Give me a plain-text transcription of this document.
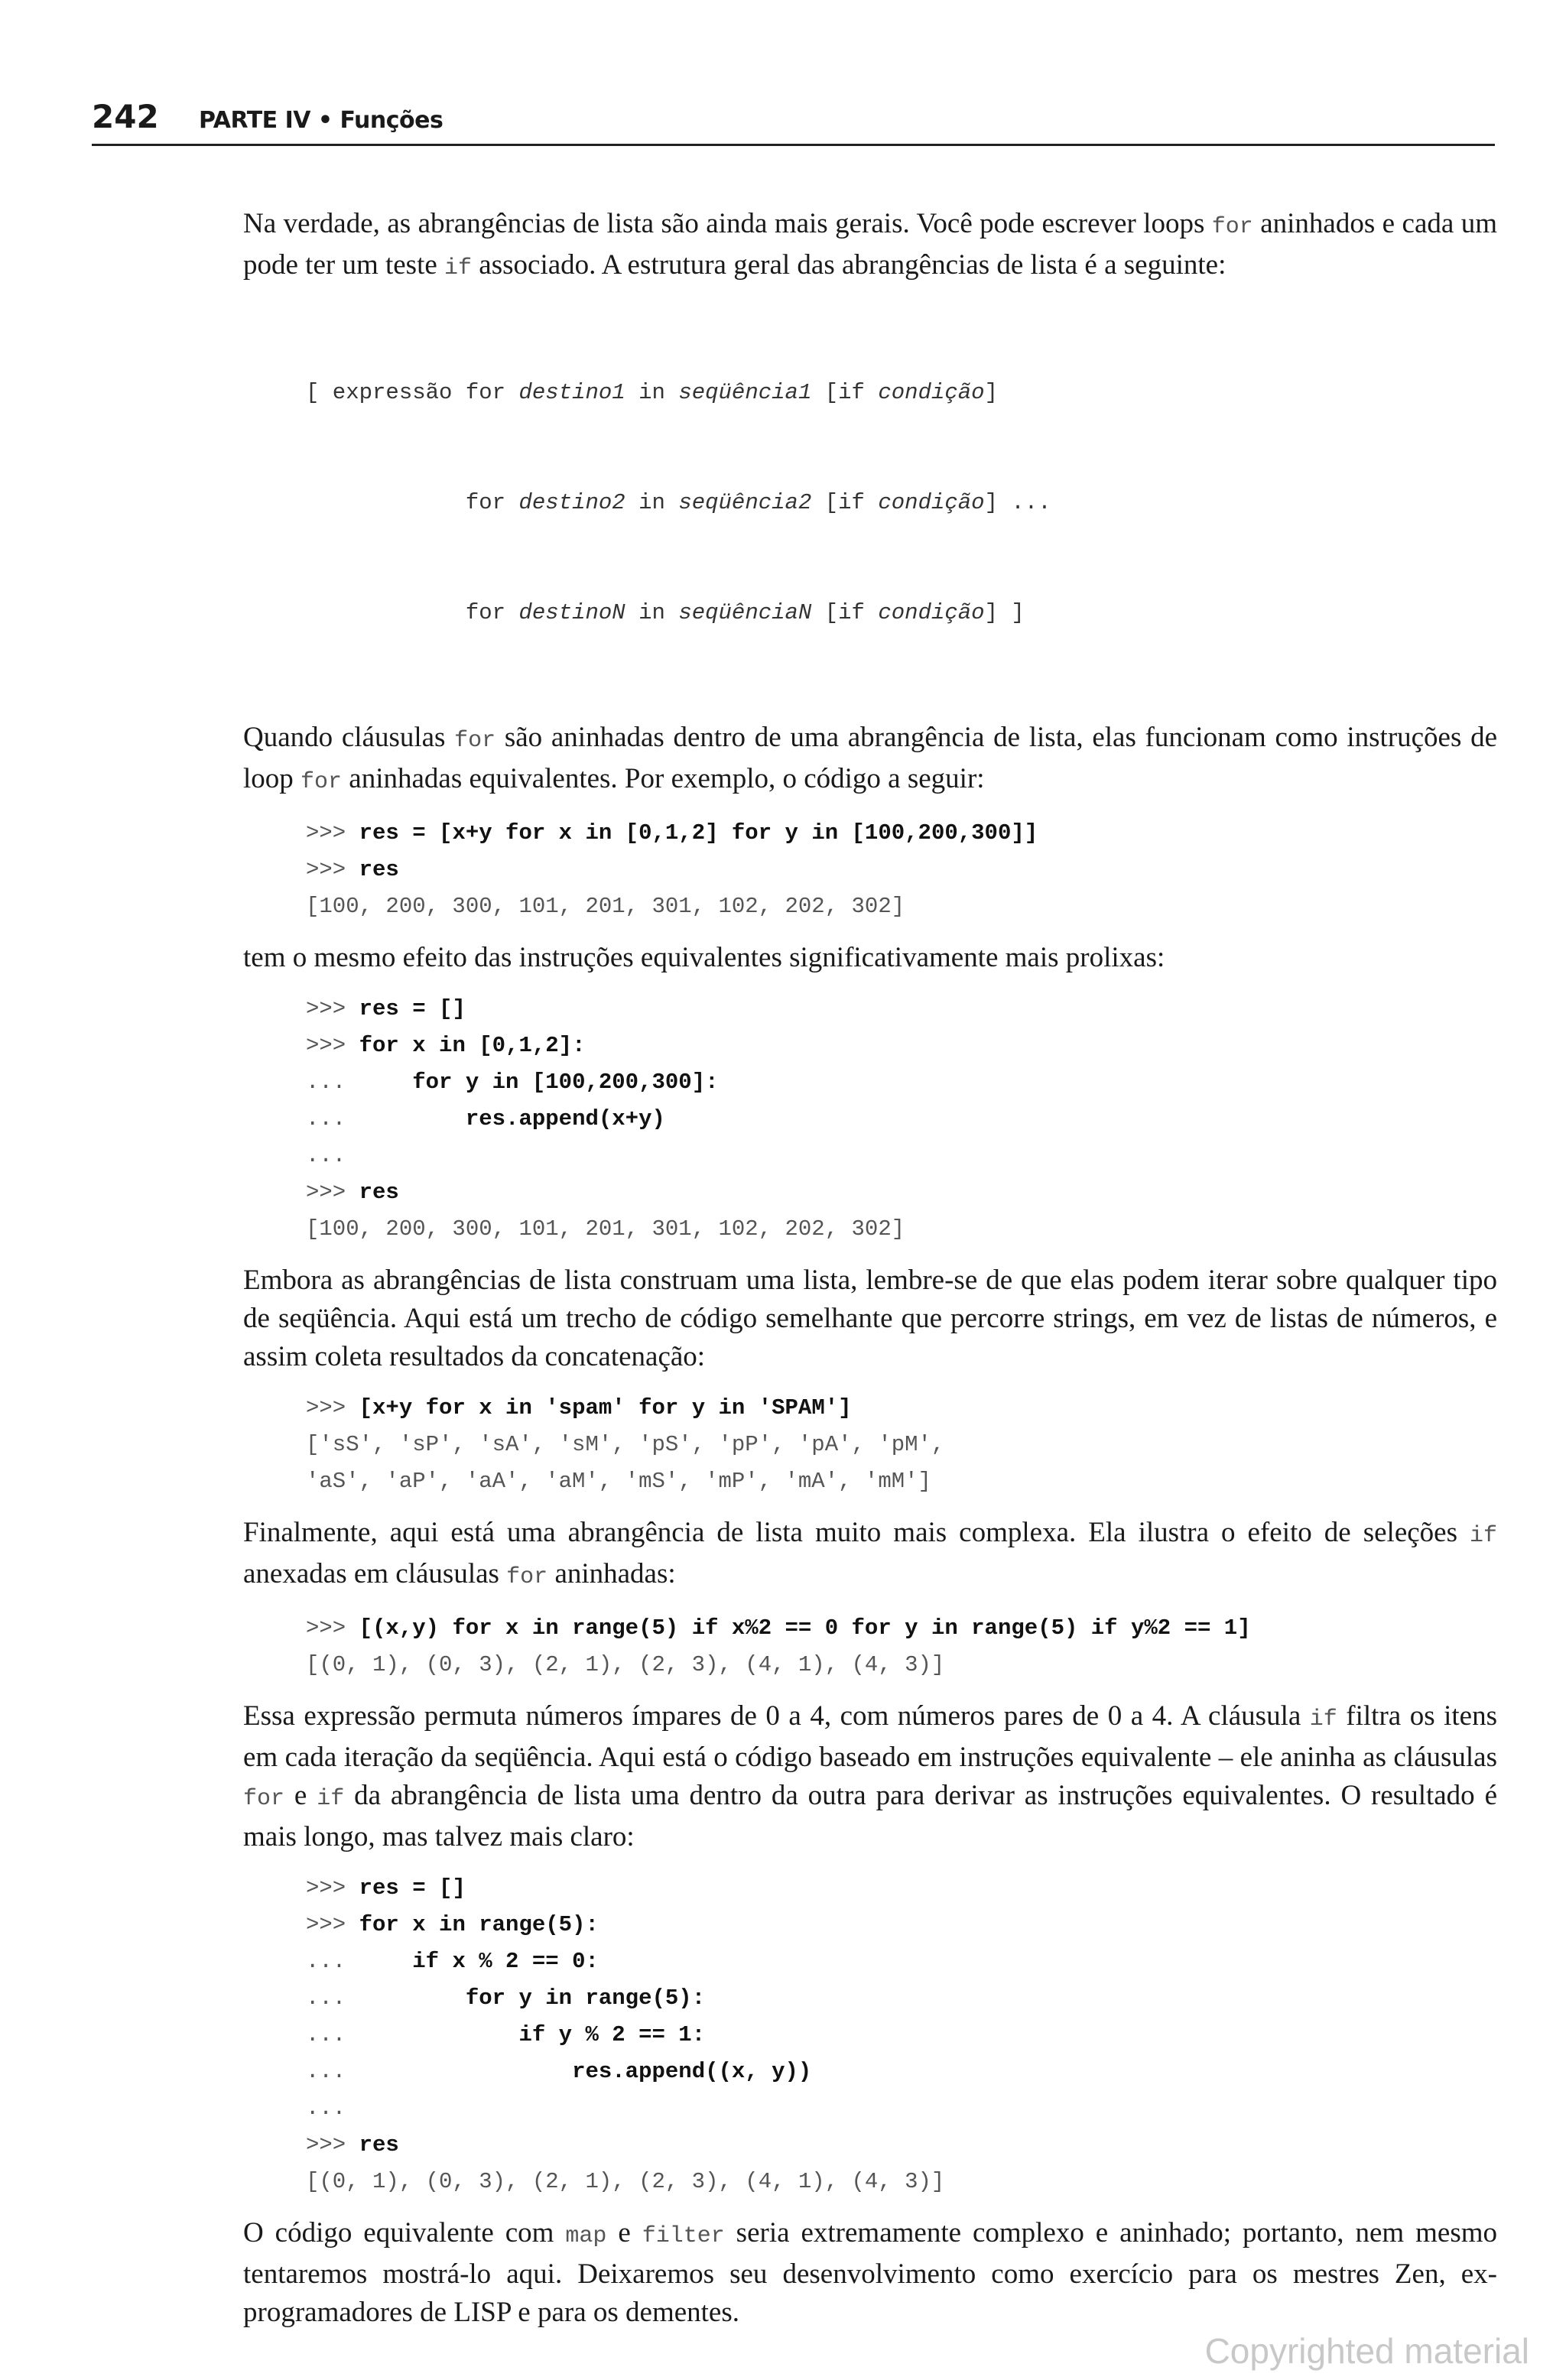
242 PARTE IV • Funções

Na verdade, as abrangências de lista são ainda mais gerais. Você pode escrever loops for aninhados e cada um pode ter um teste if associado. A estrutura geral das abrangências de lista é a seguinte:

[ expressão for destino1 in seqüência1 [if condição]

for destino2 in seqüência2 [if condição] ...

for destinoN in seqüênciaN [if condição] ]

Quando cláusulas for são aninhadas dentro de uma abrangência de lista, elas funcionam como instruções de loop for aninhadas equivalentes. Por exemplo, o código a seguir:

>>> res = [x+y for x in [0,1,2] for y in [100,200,300]]
>>> res
[100, 200, 300, 101, 201, 301, 102, 202, 302]

tem o mesmo efeito das instruções equivalentes significativamente mais prolixas:

>>> res = []
>>> for x in [0,1,2]:
...     for y in [100,200,300]:
...         res.append(x+y)
...
>>> res
[100, 200, 300, 101, 201, 301, 102, 202, 302]

Embora as abrangências de lista construam uma lista, lembre-se de que elas podem iterar sobre qualquer tipo de seqüência. Aqui está um trecho de código semelhante que percorre strings, em vez de listas de números, e assim coleta resultados da concatenação:

>>> [x+y for x in 'spam' for y in 'SPAM']
['sS', 'sP', 'sA', 'sM', 'pS', 'pP', 'pA', 'pM',
'aS', 'aP', 'aA', 'aM', 'mS', 'mP', 'mA', 'mM']

Finalmente, aqui está uma abrangência de lista muito mais complexa. Ela ilustra o efeito de seleções if anexadas em cláusulas for aninhadas:

>>> [(x,y) for x in range(5) if x%2 == 0 for y in range(5) if y%2 == 1]
[(0, 1), (0, 3), (2, 1), (2, 3), (4, 1), (4, 3)]

Essa expressão permuta números ímpares de 0 a 4, com números pares de 0 a 4. A cláusula if filtra os itens em cada iteração da seqüência. Aqui está o código baseado em instruções equivalente – ele aninha as cláusulas for e if da abrangência de lista uma dentro da outra para derivar as instruções equivalentes. O resultado é mais longo, mas talvez mais claro:

>>> res = []
>>> for x in range(5):
...     if x % 2 == 0:
...         for y in range(5):
...             if y % 2 == 1:
...                 res.append((x, y))
...
>>> res
[(0, 1), (0, 3), (2, 1), (2, 3), (4, 1), (4, 3)]

O código equivalente com map e filter seria extremamente complexo e aninhado; portanto, nem mesmo tentaremos mostrá-lo aqui. Deixaremos seu desenvolvimento como exercício para os mestres Zen, ex-programadores de LISP e para os dementes.

Copyrighted material
